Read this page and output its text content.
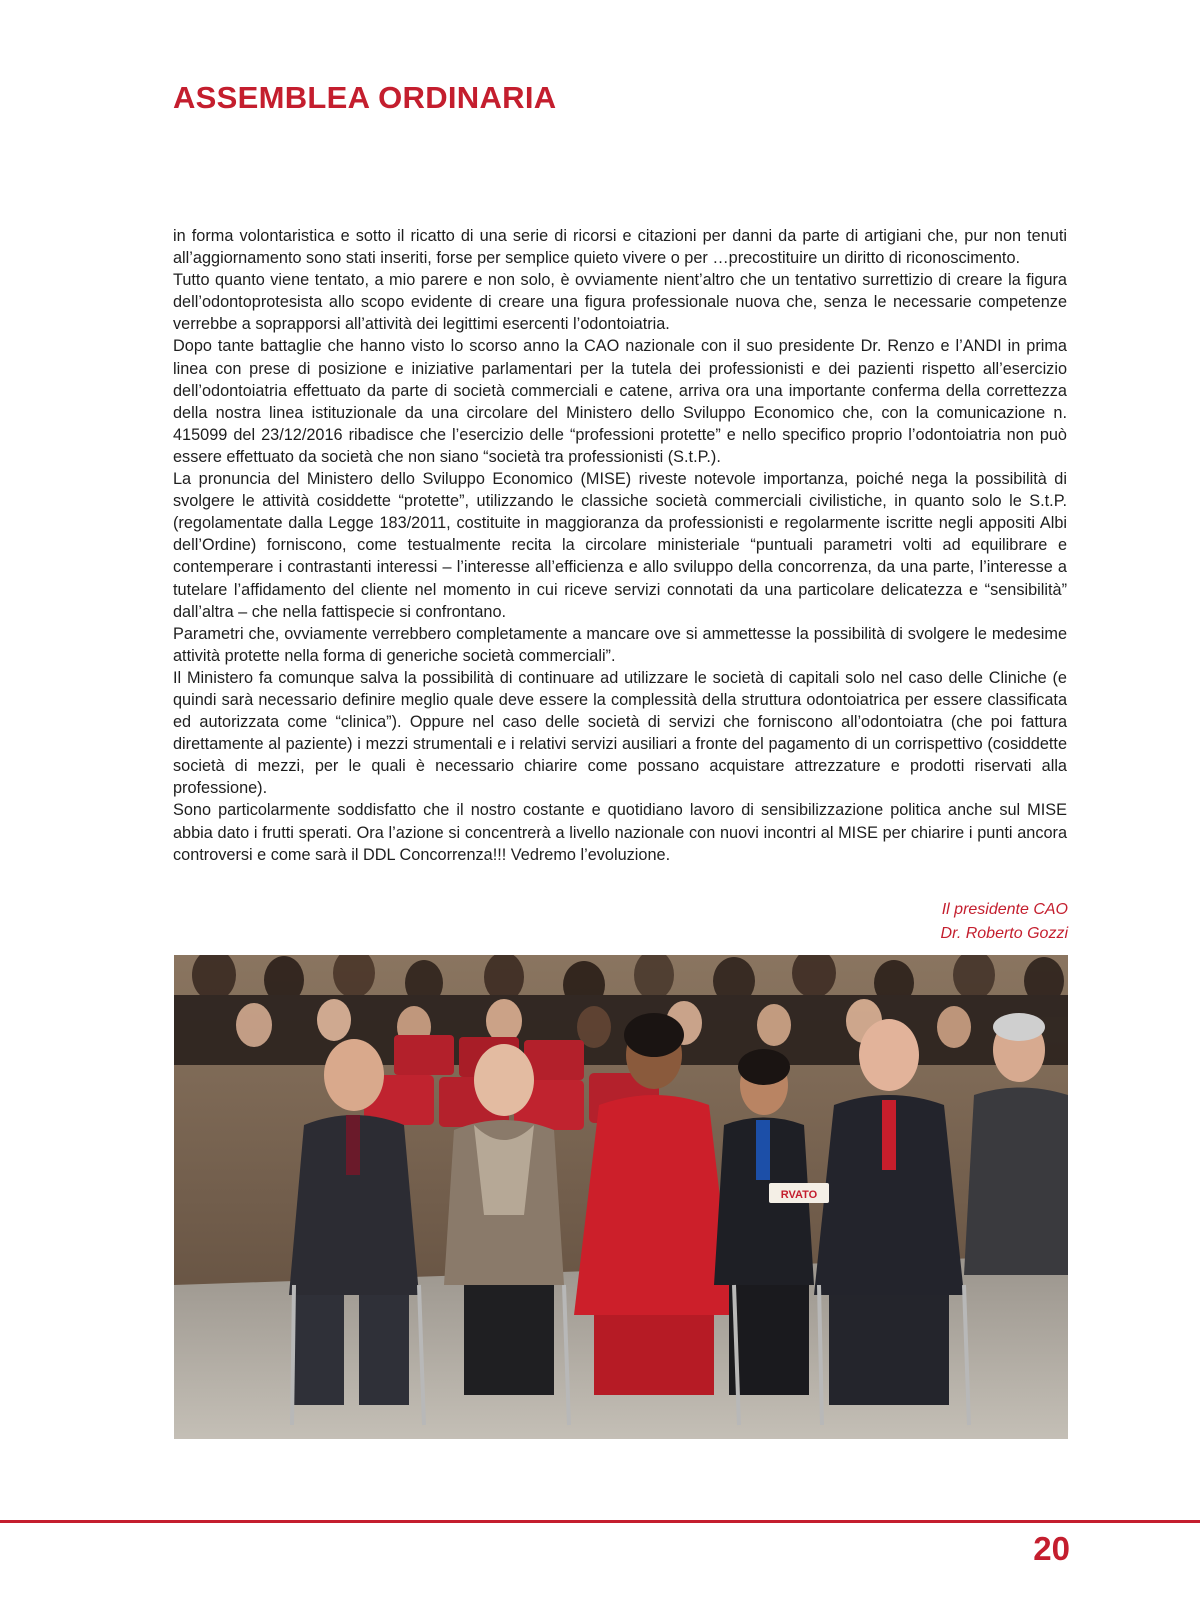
ASSEMBLEA ORDINARIA

in forma volontaristica e sotto il ricatto di una serie di ricorsi e citazioni per danni da parte di artigiani che, pur non tenuti all’aggiornamento sono stati inseriti, forse per semplice quieto vivere o per …precostituire un diritto di riconoscimento.

Tutto quanto viene tentato, a mio parere e non solo, è ovviamente nient’altro che un tentativo surrettizio di creare la figura dell’odontoprotesista allo scopo evidente di creare una figura professionale nuova che, senza le necessarie competenze verrebbe a soprapporsi all’attività dei legittimi esercenti l’odontoiatria.

Dopo tante battaglie che hanno visto lo scorso anno la CAO nazionale con il suo presidente Dr. Renzo e l’ANDI in prima linea con prese di posizione e iniziative parlamentari per la tutela dei professionisti e dei pazienti rispetto all’esercizio dell’odontoiatria effettuato da parte di società commerciali e catene, arriva ora una importante conferma della correttezza della nostra linea istituzionale da una circolare del Ministero dello Sviluppo Economico che, con la comunicazione n. 415099 del 23/12/2016 ribadisce che l’esercizio delle “professioni protette” e nello specifico proprio l’odontoiatria non può essere effettuato da società che non siano “società tra professionisti (S.t.P.).

La pronuncia del Ministero dello Sviluppo Economico (MISE) riveste notevole importanza, poiché nega la possibilità di svolgere le attività cosiddette “protette”, utilizzando le classiche società commerciali civilistiche, in quanto solo le S.t.P. (regolamentate dalla Legge 183/2011, costituite in maggioranza da professionisti e regolarmente iscritte negli appositi Albi dell’Ordine) forniscono, come testualmente recita la circolare ministeriale “puntuali parametri volti ad equilibrare e contemperare i contrastanti interessi – l’interesse all’efficienza e allo sviluppo della concorrenza, da una parte, l’interesse a tutelare l’affidamento del cliente nel momento in cui riceve servizi connotati da una particolare delicatezza e “sensibilità” dall’altra – che nella fattispecie si confrontano.

Parametri che, ovviamente verrebbero completamente a mancare ove si ammettesse la possibilità di svolgere le medesime attività protette nella forma di generiche società commerciali”.

Il Ministero fa comunque salva la possibilità di continuare ad utilizzare le società di capitali solo nel caso delle Cliniche (e quindi sarà necessario definire meglio quale deve essere la complessità della struttura odontoiatrica per essere classificata ed autorizzata come “clinica”). Oppure nel caso delle società di servizi che forniscono all’odontoiatra (che poi fattura direttamente al paziente) i mezzi strumentali e i relativi servizi ausiliari a fronte del pagamento di un corrispettivo (cosiddette società di mezzi, per le quali è necessario chiarire come possano acquistare attrezzature e prodotti riservati alla professione).

Sono particolarmente soddisfatto che il nostro costante e quotidiano lavoro di sensibilizzazione politica anche sul MISE abbia dato i frutti sperati. Ora l’azione si concentrerà a livello nazionale con nuovi incontri al MISE per chiarire i punti ancora controversi e come sarà il DDL Concorrenza!!! Vedremo l’evoluzione.

Il presidente CAO
Dr. Roberto Gozzi
RVATO
20
